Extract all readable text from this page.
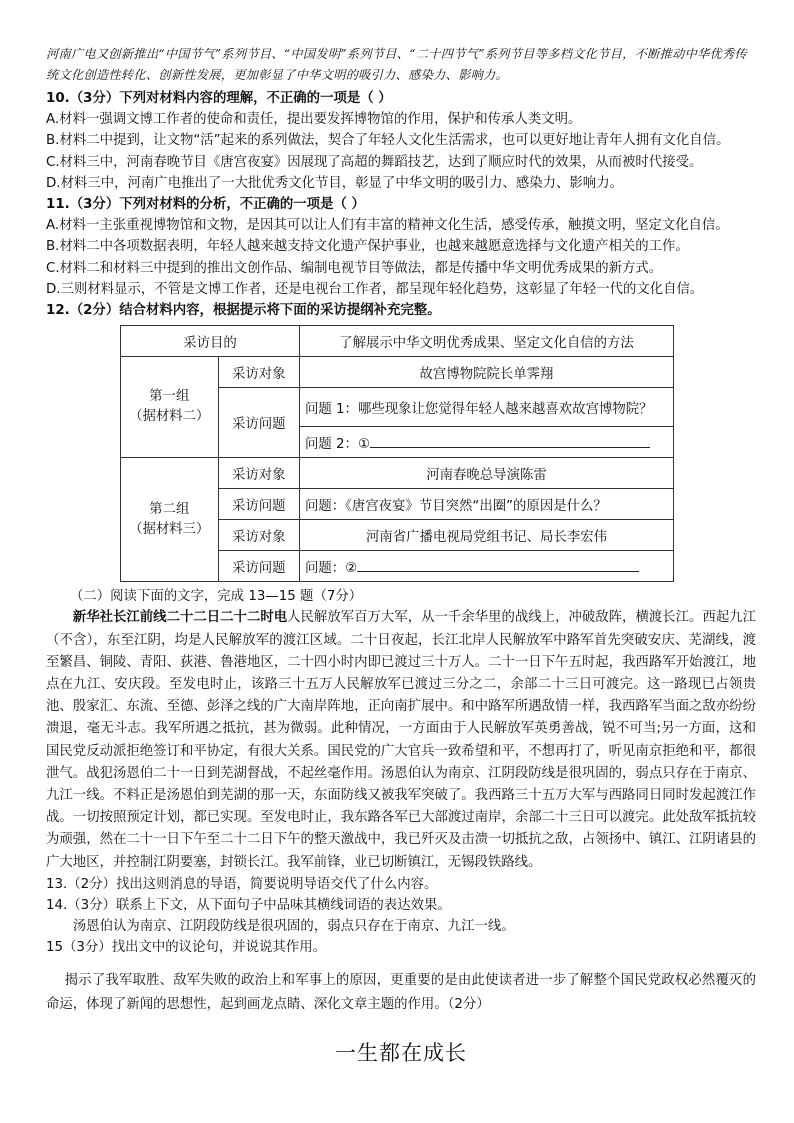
河南广电又创新推出“中国节气”系列节目、“中国发明”系列节目、“二十四节气”系列节目等多档文化节目，不断推动中华优秀传统文化创造性转化、创新性发展，更加彰显了中华文明的吸引力、感染力、影响力。

10.（3分）下列对材料内容的理解，不正确的一项是（ ）

A.材料一强调文博工作者的使命和责任，提出要发挥博物馆的作用，保护和传承人类文明。

B.材料二中提到，让文物“活”起来的系列做法，契合了年轻人文化生活需求，也可以更好地让青年人拥有文化自信。

C.材料三中，河南春晚节目《唐宫夜宴》因展现了高超的舞蹈技艺，达到了顺应时代的效果，从而被时代接受。

D.材料三中，河南广电推出了一大批优秀文化节目，彰显了中华文明的吸引力、感染力、影响力。

11.（3分）下列对材料的分析，不正确的一项是（ ）

A.材料一主张重视博物馆和文物，是因其可以让人们有丰富的精神文化生活，感受传承，触摸文明，坚定文化自信。

B.材料二中各项数据表明，年轻人越来越支持文化遗产保护事业，也越来越愿意选择与文化遗产相关的工作。

C.材料二和材料三中提到的推出文创作品、编制电视节目等做法，都是传播中华文明优秀成果的新方式。

D.三则材料显示，不管是文博工作者，还是电视台工作者，都呈现年轻化趋势，这彰显了年轻一代的文化自信。

12.（2分）结合材料内容，根据提示将下面的采访提纲补充完整。

采访目的		了解展示中华文明优秀成果、坚定文化自信的方法

第一组
（据材料二）	采访对象	故宫博物院院长单霁翔
	采访问题	问题 1：哪些现象让您觉得年轻人越来越喜欢故宫博物院？
		问题 2：①

第二组
（据材料三）	采访对象	河南春晚总导演陈雷
	采访问题	问题：《唐宫夜宴》节目突然“出圈”的原因是什么？
	采访对象	河南省广播电视局党组书记、局长李宏伟
	采访问题	问题：②

（二）阅读下面的文字，完成 13—15 题（7分）

新华社长江前线二十二日二十二时电人民解放军百万大军，从一千余华里的战线上，冲破敌阵，横渡长江。西起九江（不含），东至江阴，均是人民解放军的渡江区域。二十日夜起，长江北岸人民解放军中路军首先突破安庆、芜湖线，渡至繁昌、铜陵、青阳、荻港、鲁港地区，二十四小时内即已渡过三十万人。二十一日下午五时起，我西路军开始渡江，地点在九江、安庆段。至发电时止，该路三十五万人民解放军已渡过三分之二，余部二十三日可渡完。这一路现已占领贵池、殷家汇、东流、至德、彭泽之线的广大南岸阵地，正向南扩展中。和中路军所遇敌情一样，我西路军当面之敌亦纷纷溃退，毫无斗志。我军所遇之抵抗，甚为微弱。此种情况，一方面由于人民解放军英勇善战，锐不可当;另一方面，这和国民党反动派拒绝签订和平协定，有很大关系。国民党的广大官兵一致希望和平，不想再打了，听见南京拒绝和平，都很泄气。战犯汤恩伯二十一日到芜湖督战，不起丝毫作用。汤恩伯认为南京、江阴段防线是很巩固的，弱点只存在于南京、九江一线。不料正是汤恩伯到芜湖的那一天，东面防线又被我军突破了。我西路三十五万大军与西路同日同时发起渡江作战。一切按照预定计划，都已实现。至发电时止，我东路各军已大部渡过南岸，余部二十三日可以渡完。此处敌军抵抗较为顽强，然在二十一日下午至二十二日下午的整天激战中，我已歼灭及击溃一切抵抗之敌，占领扬中、镇江、江阴诸县的广大地区，并控制江阴要塞，封锁长江。我军前锋，业已切断镇江，无锡段铁路线。

13.（2分）找出这则消息的导语，简要说明导语交代了什么内容。

14.（3分）联系上下文，从下面句子中品味其横线词语的表达效果。

汤恩伯认为南京、江阴段防线是很巩固的，弱点只存在于南京、九江一线。

15（3分）找出文中的议论句，并说说其作用。

揭示了我军取胜、敌军失败的政治上和军事上的原因，更重要的是由此使读者进一步了解整个国民党政权必然覆灭的命运，体现了新闻的思想性，起到画龙点睛、深化文章主题的作用。（2分）

一生都在成长
